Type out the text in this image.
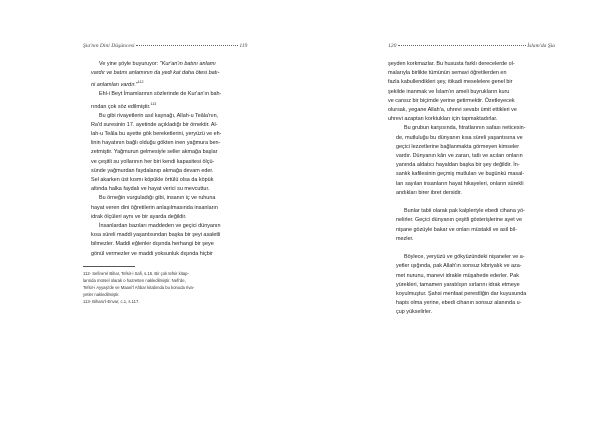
Şia'nın Dini Düşüncesi	119

Ve yine şöyle buyuruyor: "Kur'an'ın batını anlamı
vardır ve batını anlamının da yedi kat daha ötesi batı-
ni anlamları vardır."$^{112}$

Ehl-i Beyt İmamlarının sözlerinde de Kur'an'ın bah-
rından çok söz edilmiştir.$^{113}$

Bu gibi rivayetlerin asıl kaynağı, Allah-u Teâla'nın,
Ra'd suresinin 17. ayetinde açıkladığı bir örnektir. Al-
lah-u Teâla bu ayette gök bereketlerini, yeryüzü ve eh-
linin hayatının bağlı olduğu gökten inen yağmura ben-
zetmiştir. Yağmurun gelmesiyle seller akmağa başlar
ve çeşitli su yollarının her biri kendi kapasitesi ölçü-
sünde yağmurdan faydalanıp akmağa devam eder.
Sel akarken üst kısmı köpükle örtülü olsa da köpük
altında halka faydalı ve hayat verici su mevcuttur.

Bu örneğin vurguladığı gibi, insanın iç ve ruhuna
hayat veren dini öğretilerin anlaşılmasında insanların
idrak ölçüleri aynı ve bir ayarda değildir.

İnsanlardan bazıları maddeden ve geçici dünyanın
kısa süreli maddi yaşantısından başka bir şeyi asaletli
bilmezler. Maddi eğlenler dışında herhangi bir şeye
gönül vermezler ve maddi yoksunluk dışında hiçbir

112- Sefine'el Bihar, Tefsir-i Safi, s.15. Bir çok tefsir kitap-
larında mürsel olarak o hazretten nakledilmiştir. Nefi'de,
Tefsir-i Ayyaşi'de ve Maani'l Ahbar kitabında bu konuda riva-
yetler nakledilmiştir.
113- Biharu'l-Envar, c.1, s.117.
120	İslam'da Şia

şeyden korkmazlar. Bu hususta farklı derecelerde ol-
malarıyla birlikte tümünün semavi öğretilerden en
fazla kabullendikleri şey, itikadi meselelere genel bir
şekilde inanmak ve İslam'ın ameli buyrukların kuru
ve cansız bir biçimde yerine getirmektir. Özetleyecek
olursak, yegane Allah'a, uhrevi sevabı ümit ettikleri ve
uhrevi azaptan korktukları için tapmaktadırlar.

Bu grubun karşısında, fıtratlarının safası neticesin-
de, mutluluğu bu dünyanın kısa süreli yaşantısına ve
geçici lezzetlerine bağlanmakta görmeyen kimseler
vardır. Dünyanın kârı ve zararı, tatlı ve acıları onların
yanında aldatıcı hayaldan başka bir şey değildir. İn-
sanlık kafilesinin geçmiş mutluları ve bugünkü masal-
ları sayılan insanların hayat hikayeleri, onların sürekli
andıkları birer ibret dersidir.

Bunlar tabii olarak pak kalpleriyle ebedi cihana yö-
nelirler. Geçici dünyanın çeşitli gösterişlerine ayet ve
nişane gözüyle bakar ve onları müstakil ve asil bil-
mezler.

Böylece, yeryüzü ve gökyüzündeki nişaneler ve a-
yetler ışığında, pak Allah'ın sonsuz kibriyalık ve aza-
met nurunu, manevi idrakle müşahede ederler. Pak
yürekleri, tamamen yaratılışın sırlarını idrak etmeye
koyulmuştur. Şahsi menfaat perestliğin dar kuyusunda
hapis olma yerine, ebedi cihanın sonsuz alanında u-
çup yükselirler.
